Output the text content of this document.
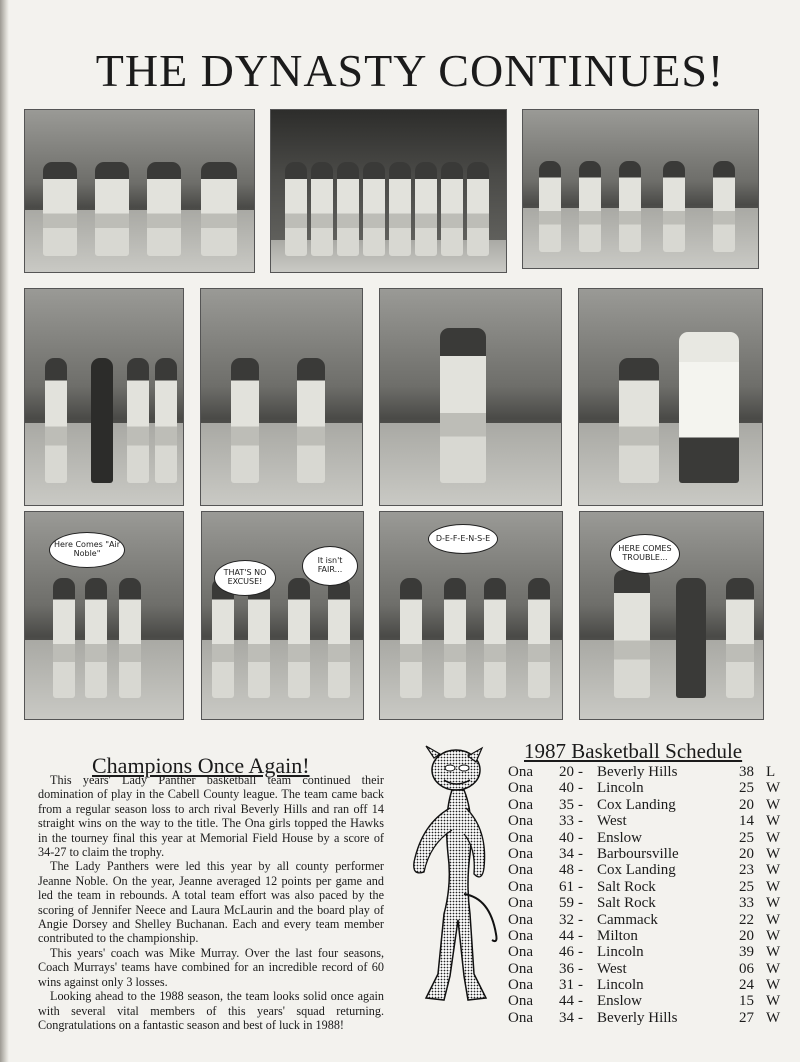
THE DYNASTY CONTINUES!
Here Comes "Air Noble"
THAT'S NO EXCUSE!
It isn't FAIR...
D-E-F-E-N-S-E
HERE COMES TROUBLE...
Champions Once Again!

This years' Lady Panther basketball team continued their domination of play in the Cabell County league. The team came back from a regular season loss to arch rival Beverly Hills and ran off 14 straight wins on the way to the title. The Ona girls topped the Hawks in the tourney final this year at Memorial Field House by a score of 34-27 to claim the trophy.

The Lady Panthers were led this year by all county performer Jeanne Noble. On the year, Jeanne averaged 12 points per game and led the team in rebounds. A total team effort was also paced by the scoring of Jennifer Neece and Laura McLaurin and the board play of Angie Dorsey and Shelley Buchanan. Each and every team member contributed to the championship.

This years' coach was Mike Murray. Over the last four seasons, Coach Murrays' teams have combined for an incredible record of 60 wins against only 3 losses.

Looking ahead to the 1988 season, the team looks solid once again with several vital members of this years' squad returning. Congratulations on a fantastic season and best of luck in 1988!

1987 Basketball Schedule
Ona	20 - Beverly Hills	38 L
Ona	40 - Lincoln	25 W
Ona	35 - Cox Landing	20 W
Ona	33 - West	14 W
Ona	40 - Enslow	25 W
Ona	34 - Barboursville	20 W
Ona	48 - Cox Landing	23 W
Ona	61 - Salt Rock	25 W
Ona	59 - Salt Rock	33 W
Ona	32 - Cammack	22 W
Ona	44 - Milton	20 W
Ona	46 - Lincoln	39 W
Ona	36 - West	06 W
Ona	31 - Lincoln	24 W
Ona	44 - Enslow	15 W
Ona	34 - Beverly Hills	27 W
